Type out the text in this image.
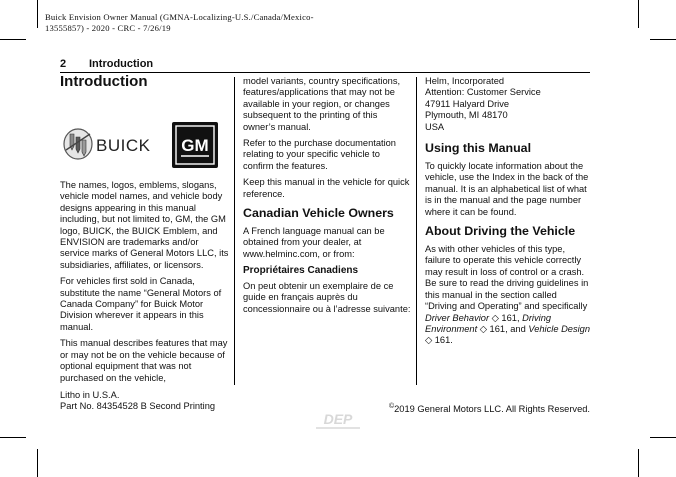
Buick Envision Owner Manual (GMNA-Localizing-U.S./Canada/Mexico-
13555857) - 2020 - CRC - 7/26/19
2 Introduction
Introduction
BUICK GM

The names, logos, emblems, slogans, vehicle model names, and vehicle body designs appearing in this manual including, but not limited to, GM, the GM logo, BUICK, the BUICK Emblem, and ENVISION are trademarks and/or service marks of General Motors LLC, its subsidiaries, affiliates, or licensors.

For vehicles first sold in Canada, substitute the name “General Motors of Canada Company” for Buick Motor Division wherever it appears in this manual.

This manual describes features that may or may not be on the vehicle because of optional equipment that was not purchased on the vehicle,

model variants, country specifications, features/applications that may not be available in your region, or changes subsequent to the printing of this owner’s manual.

Refer to the purchase documentation relating to your specific vehicle to confirm the features.

Keep this manual in the vehicle for quick reference.

Canadian Vehicle Owners

A French language manual can be obtained from your dealer, at www.helminc.com, or from:

Propriétaires Canadiens

On peut obtenir un exemplaire de ce guide en français auprès du concessionnaire ou à l’adresse suivante:

Helm, Incorporated
Attention: Customer Service
47911 Halyard Drive
Plymouth, MI 48170
USA
Using this Manual

To quickly locate information about the vehicle, use the Index in the back of the manual. It is an alphabetical list of what is in the manual and the page number where it can be found.

About Driving the Vehicle

As with other vehicles of this type, failure to operate this vehicle correctly may result in loss of control or a crash. Be sure to read the driving guidelines in this manual in the section called “Driving and Operating” and specifically Driver Behavior ◇ 161, Driving Environment ◇ 161, and Vehicle Design ◇ 161.

Litho in U.S.A.
Part No. 84354528 B Second Printing	©2019 General Motors LLC. All Rights Reserved.
DEP
